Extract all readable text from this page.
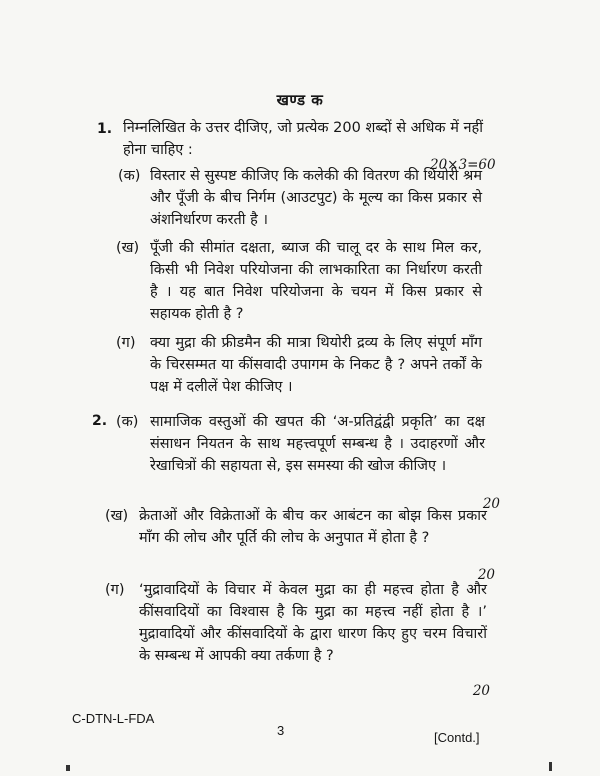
खण्ड क
1. निम्नलिखित के उत्तर दीजिए, जो प्रत्येक 200 शब्दों से अधिक में नहीं होना चाहिए :
20×3=60
(क) विस्तार से सुस्पष्ट कीजिए कि कलेकी की वितरण की थियोरी श्रम और पूँजी के बीच निर्गम (आउटपुट) के मूल्य का किस प्रकार से अंशनिर्धारण करती है ।
(ख) पूँजी की सीमांत दक्षता, ब्याज की चालू दर के साथ मिल कर, किसी भी निवेश परियोजना की लाभकारिता का निर्धारण करती है । यह बात निवेश परियोजना के चयन में किस प्रकार से सहायक होती है ?
(ग) क्या मुद्रा की फ्रीडमैन की मात्रा थियोरी द्रव्य के लिए संपूर्ण माँग के चिरसम्मत या कींसवादी उपागम के निकट है ? अपने तर्कों के पक्ष में दलीलें पेश कीजिए ।
2. (क) सामाजिक वस्तुओं की खपत की ‘अ-प्रतिद्वंद्वी प्रकृति’ का दक्ष संसाधन नियतन के साथ महत्त्वपूर्ण सम्बन्ध है । उदाहरणों और रेखाचित्रों की सहायता से, इस समस्या की खोज कीजिए ।
20
(ख) क्रेताओं और विक्रेताओं के बीच कर आबंटन का बोझ किस प्रकार माँग की लोच और पूर्ति की लोच के अनुपात में होता है ?
20
(ग) ‘मुद्रावादियों के विचार में केवल मुद्रा का ही महत्त्व होता है और कींसवादियों का विश्वास है कि मुद्रा का महत्त्व नहीं होता है ।’ मुद्रावादियों और कींसवादियों के द्वारा धारण किए हुए चरम विचारों के सम्बन्ध में आपकी क्या तर्कणा है ?
20
C-DTN-L-FDA
3	[Contd.]
